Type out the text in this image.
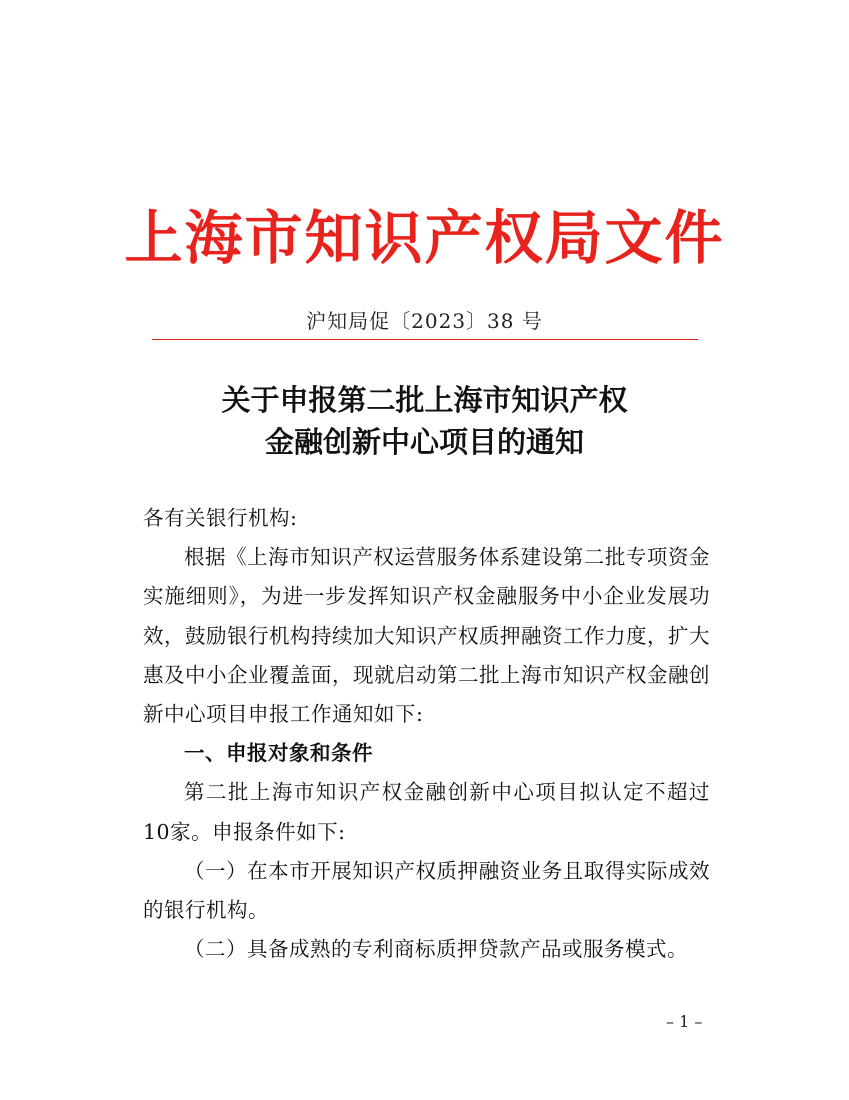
上海市知识产权局文件
沪知局促〔2023〕38 号
关于申报第二批上海市知识产权
金融创新中心项目的通知

各有关银行机构:

根据《上海市知识产权运营服务体系建设第二批专项资金实施细则》，为进一步发挥知识产权金融服务中小企业发展功效，鼓励银行机构持续加大知识产权质押融资工作力度，扩大惠及中小企业覆盖面，现就启动第二批上海市知识产权金融创新中心项目申报工作通知如下:

一、申报对象和条件

第二批上海市知识产权金融创新中心项目拟认定不超过10家。申报条件如下:

（一）在本市开展知识产权质押融资业务且取得实际成效的银行机构。

（二）具备成熟的专利商标质押贷款产品或服务模式。

– 1 –
